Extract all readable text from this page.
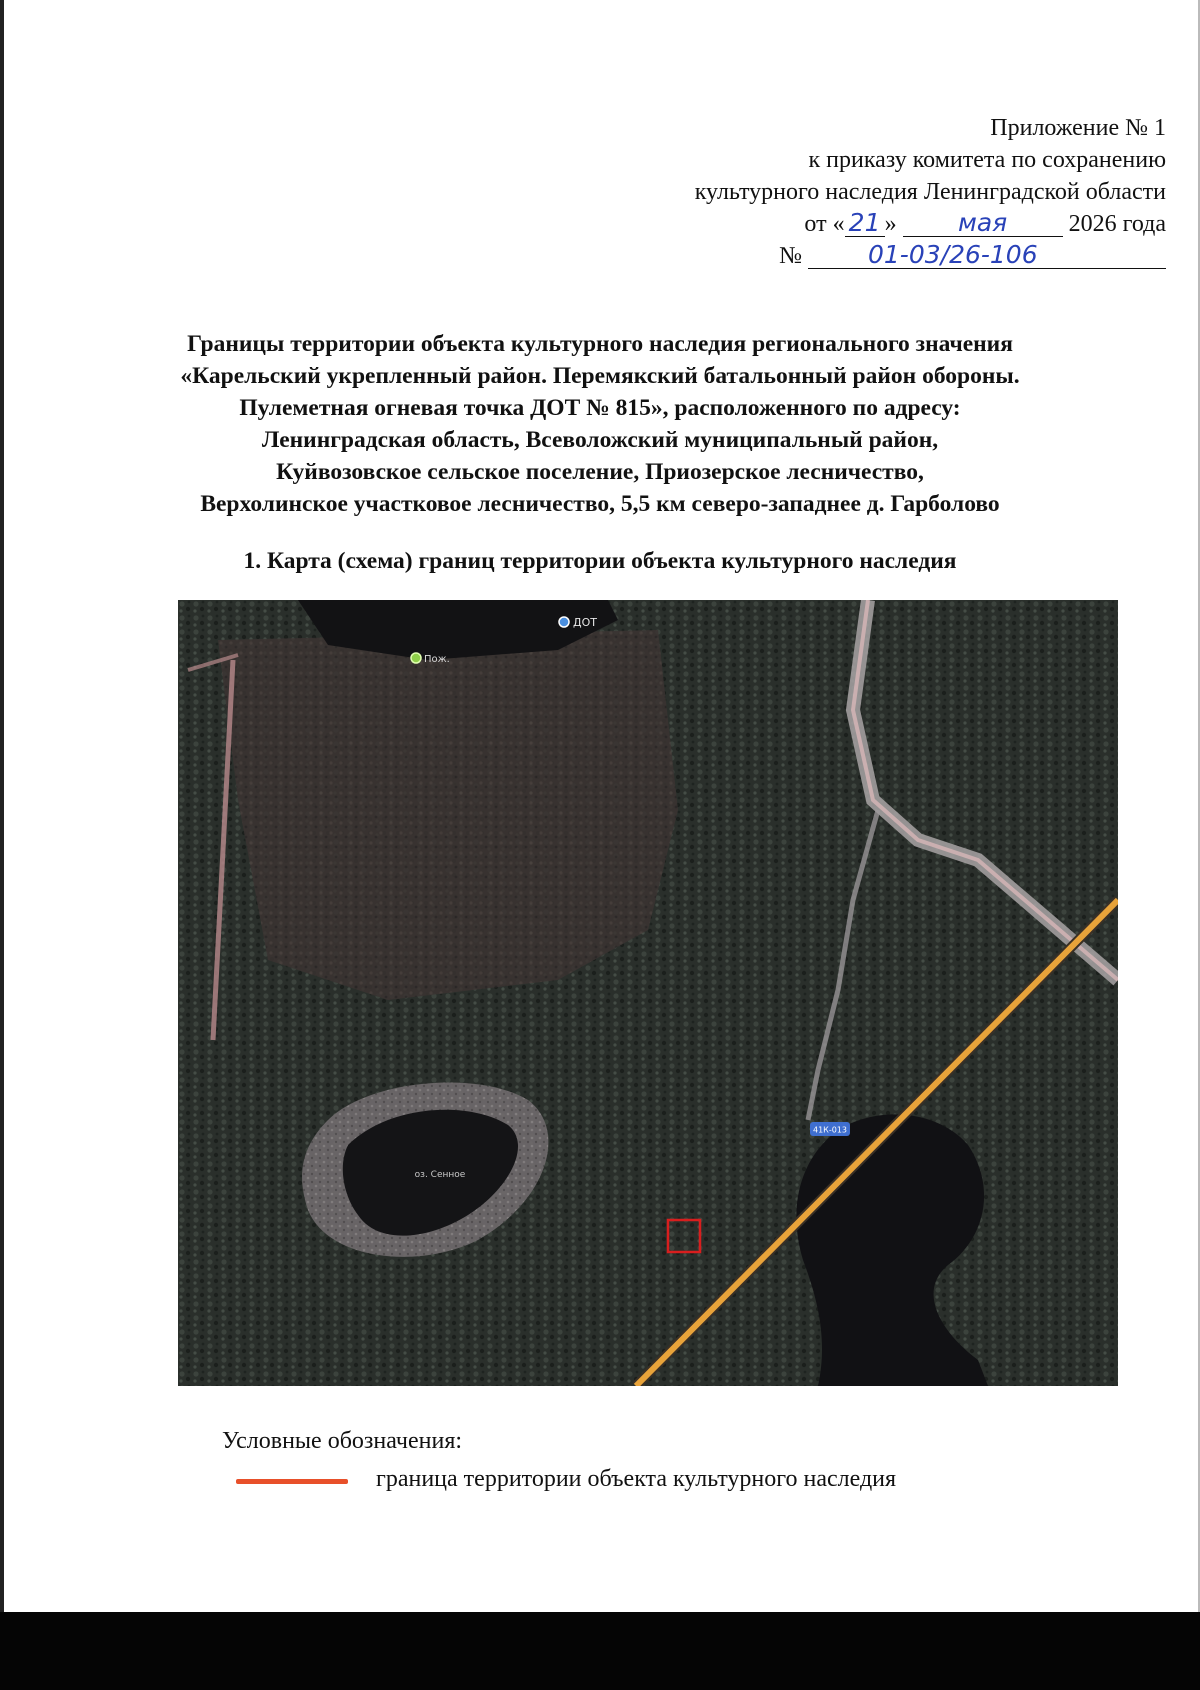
Приложение № 1
к приказу комитета по сохранению
культурного наследия Ленинградской области
от « 21 » мая	2026 года
№	01-03/26-106
Границы территории объекта культурного наследия регионального значения
«Карельский укрепленный район. Перемякский батальонный район обороны.
Пулеметная огневая точка ДОТ № 815», расположенного по адресу:
Ленинградская область, Всеволожский муниципальный район,
Куйвозовское сельское поселение, Приозерское лесничество,
Верхолинское участковое лесничество, 5,5 км северо-западнее д. Гарболово
1. Карта (схема) границ территории объекта культурного наследия
41К-013
ДОТ
Пож.
оз. Сенное
Условные обозначения:
граница территории объекта культурного наследия
